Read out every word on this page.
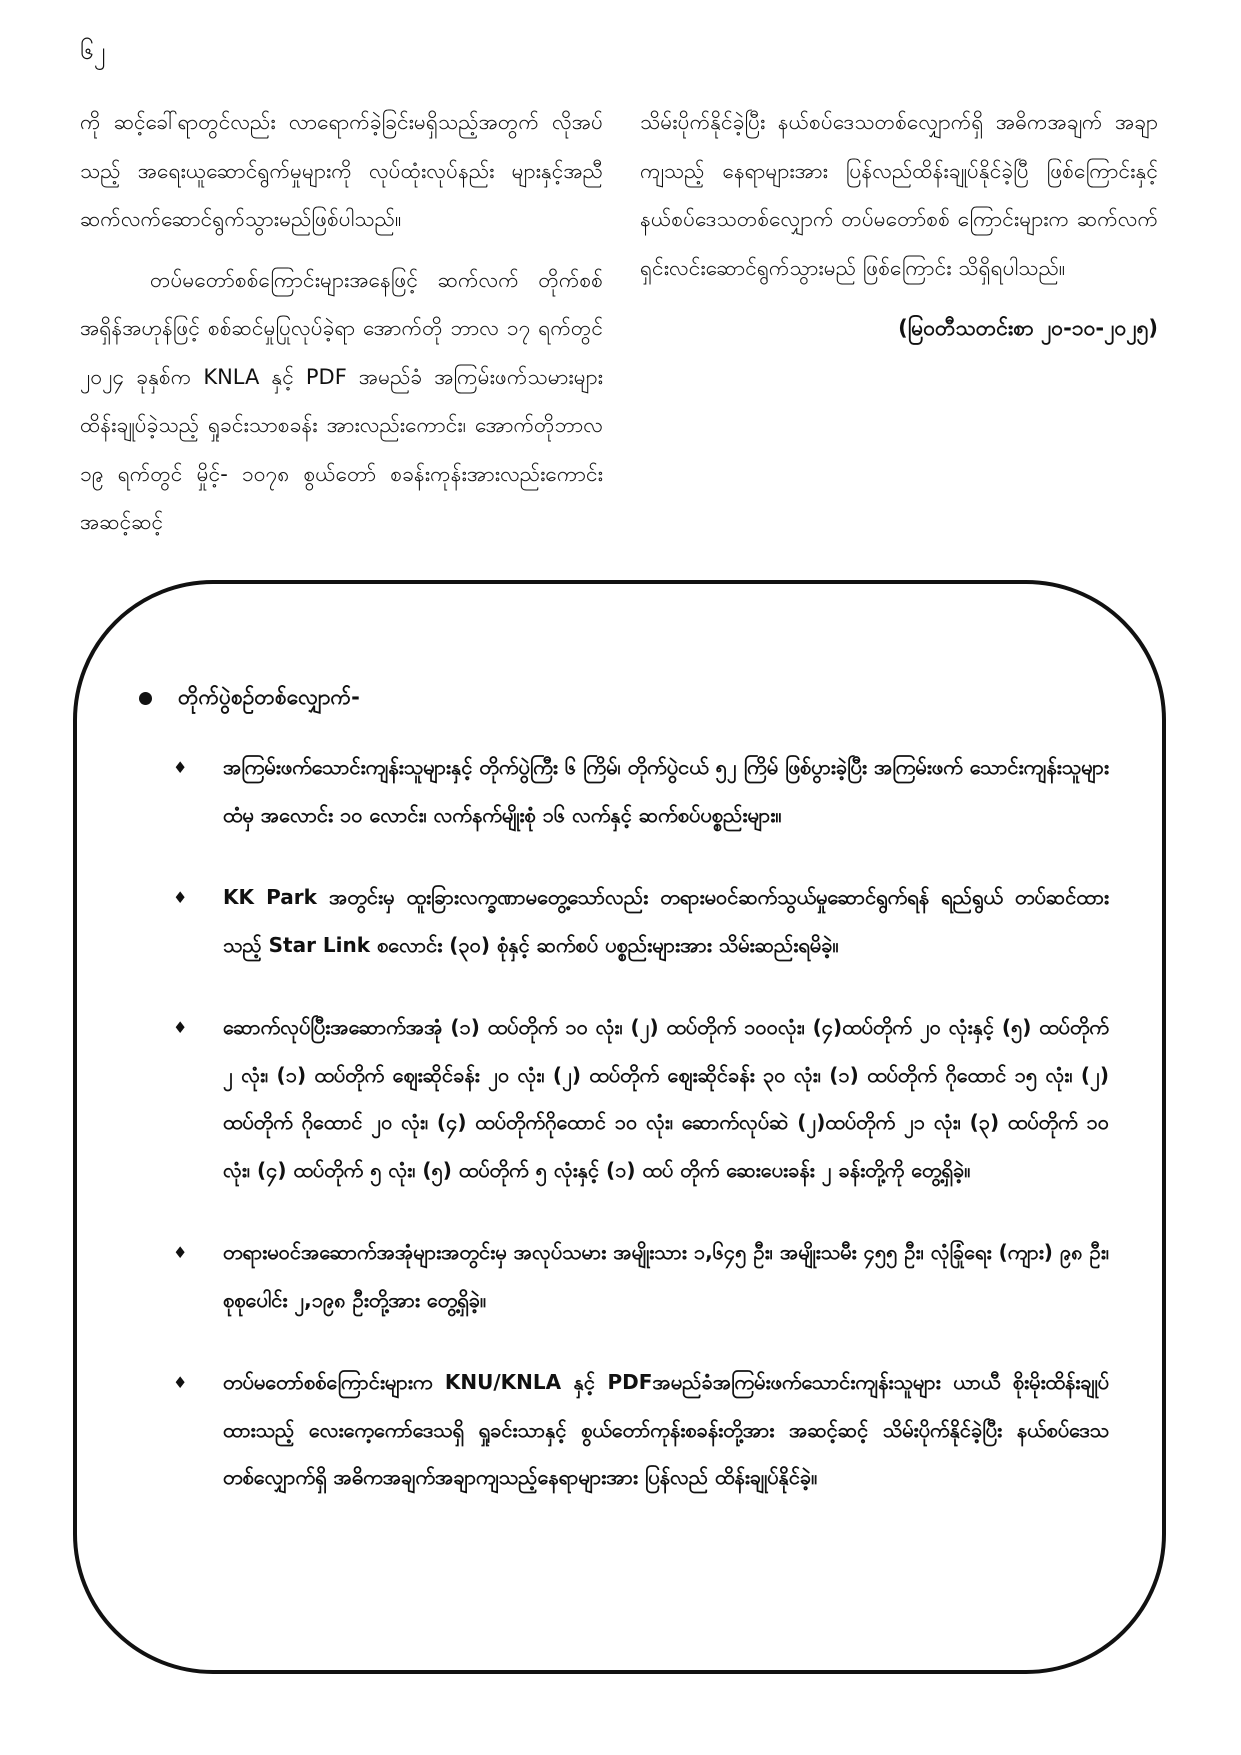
၆၂

ကို ဆင့်ခေါ်ရာတွင်လည်း လာရောက်ခဲ့ခြင်းမရှိသည့်အတွက် လိုအပ်သည့် အရေးယူဆောင်ရွက်မှုများကို လုပ်ထုံးလုပ်နည်း များနှင့်အညီဆက်လက်ဆောင်ရွက်သွားမည်ဖြစ်ပါသည်။

တပ်မတော်စစ်ကြောင်းများအနေဖြင့် ဆက်လက် တိုက်စစ်အရှိန်အဟုန်ဖြင့် စစ်ဆင်မှုပြုလုပ်ခဲ့ရာ အောက်တို ဘာလ ၁၇ ရက်တွင် ၂၀၂၄ ခုနှစ်က KNLA နှင့် PDF အမည်ခံ အကြမ်းဖက်သမားများ ထိန်းချုပ်ခဲ့သည့် ရှုခင်းသာစခန်း အားလည်းကောင်း၊ အောက်တိုဘာလ ၁၉ ရက်တွင် မှိုင့်- ၁၀၇၈ စွယ်တော် စခန်းကုန်းအားလည်းကောင်း အဆင့်ဆင့်

သိမ်းပိုက်နိုင်ခဲ့ပြီး နယ်စပ်ဒေသတစ်လျှောက်ရှိ အဓိကအချက် အချာကျသည့် နေရာများအား ပြန်လည်ထိန်းချုပ်နိုင်ခဲ့ပြီ ဖြစ်ကြောင်းနှင့် နယ်စပ်ဒေသတစ်လျှောက် တပ်မတော်စစ် ကြောင်းများက ဆက်လက်ရှင်းလင်းဆောင်ရွက်သွားမည် ဖြစ်ကြောင်း သိရှိရပါသည်။

(မြဝတီသတင်းစာ ၂၀-၁၀-၂၀၂၅)

တိုက်ပွဲစဉ်တစ်လျှောက်-
♦ အကြမ်းဖက်သောင်းကျန်းသူများနှင့် တိုက်ပွဲကြီး ၆ ကြိမ်၊ တိုက်ပွဲငယ် ၅၂ ကြိမ် ဖြစ်ပွားခဲ့ပြီး အကြမ်းဖက် သောင်းကျန်းသူများထံမှ အလောင်း ၁၀ လောင်း၊ လက်နက်မျိုးစုံ ၁၆ လက်နှင့် ဆက်စပ်ပစ္စည်းများ။
♦ KK Park အတွင်းမှ ထူးခြားလက္ခဏာမတွေ့သော်လည်း တရားမဝင်ဆက်သွယ်မှုဆောင်ရွက်ရန် ရည်ရွယ် တပ်ဆင်ထားသည့် Star Link စလောင်း (၃၀) စုံနှင့် ဆက်စပ် ပစ္စည်းများအား သိမ်းဆည်းရမိခဲ့။
♦ ဆောက်လုပ်ပြီးအဆောက်အအုံ (၁) ထပ်တိုက် ၁၀ လုံး၊ (၂) ထပ်တိုက် ၁၀၀လုံး၊ (၄)ထပ်တိုက် ၂၀ လုံးနှင့် (၅) ထပ်တိုက် ၂ လုံး၊ (၁) ထပ်တိုက် ဈေးဆိုင်ခန်း ၂၀ လုံး၊ (၂) ထပ်တိုက် ဈေးဆိုင်ခန်း ၃၀ လုံး၊ (၁) ထပ်တိုက် ဂိုထောင် ၁၅ လုံး၊ (၂) ထပ်တိုက် ဂိုထောင် ၂၀ လုံး၊ (၄) ထပ်တိုက်ဂိုထောင် ၁၀ လုံး၊ ဆောက်လုပ်ဆဲ (၂)ထပ်တိုက် ၂၁ လုံး၊ (၃) ထပ်တိုက် ၁၀ လုံး၊ (၄) ထပ်တိုက် ၅ လုံး၊ (၅) ထပ်တိုက် ၅ လုံးနှင့် (၁) ထပ် တိုက် ဆေးပေးခန်း ၂ ခန်းတို့ကို တွေ့ရှိခဲ့။
♦ တရားမဝင်အဆောက်အအုံများအတွင်းမှ အလုပ်သမား အမျိုးသား ၁,၆၄၅ ဦး၊ အမျိုးသမီး ၄၅၅ ဦး၊ လုံခြုံရေး (ကျား) ၉၈ ဦး၊ စုစုပေါင်း ၂,၁၉၈ ဦးတို့အား တွေ့ရှိခဲ့။
♦ တပ်မတော်စစ်ကြောင်းများက KNU/KNLA နှင့် PDFအမည်ခံအကြမ်းဖက်သောင်းကျန်းသူများ ယာယီ စိုးမိုးထိန်းချုပ်ထားသည့် လေးကေ့ကော်ဒေသရှိ ရှုခင်းသာနှင့် စွယ်တော်ကုန်းစခန်းတို့အား အဆင့်ဆင့် သိမ်းပိုက်နိုင်ခဲ့ပြီး နယ်စပ်ဒေသတစ်လျှောက်ရှိ အဓိကအချက်အချာကျသည့်နေရာများအား ပြန်လည် ထိန်းချုပ်နိုင်ခဲ့။
